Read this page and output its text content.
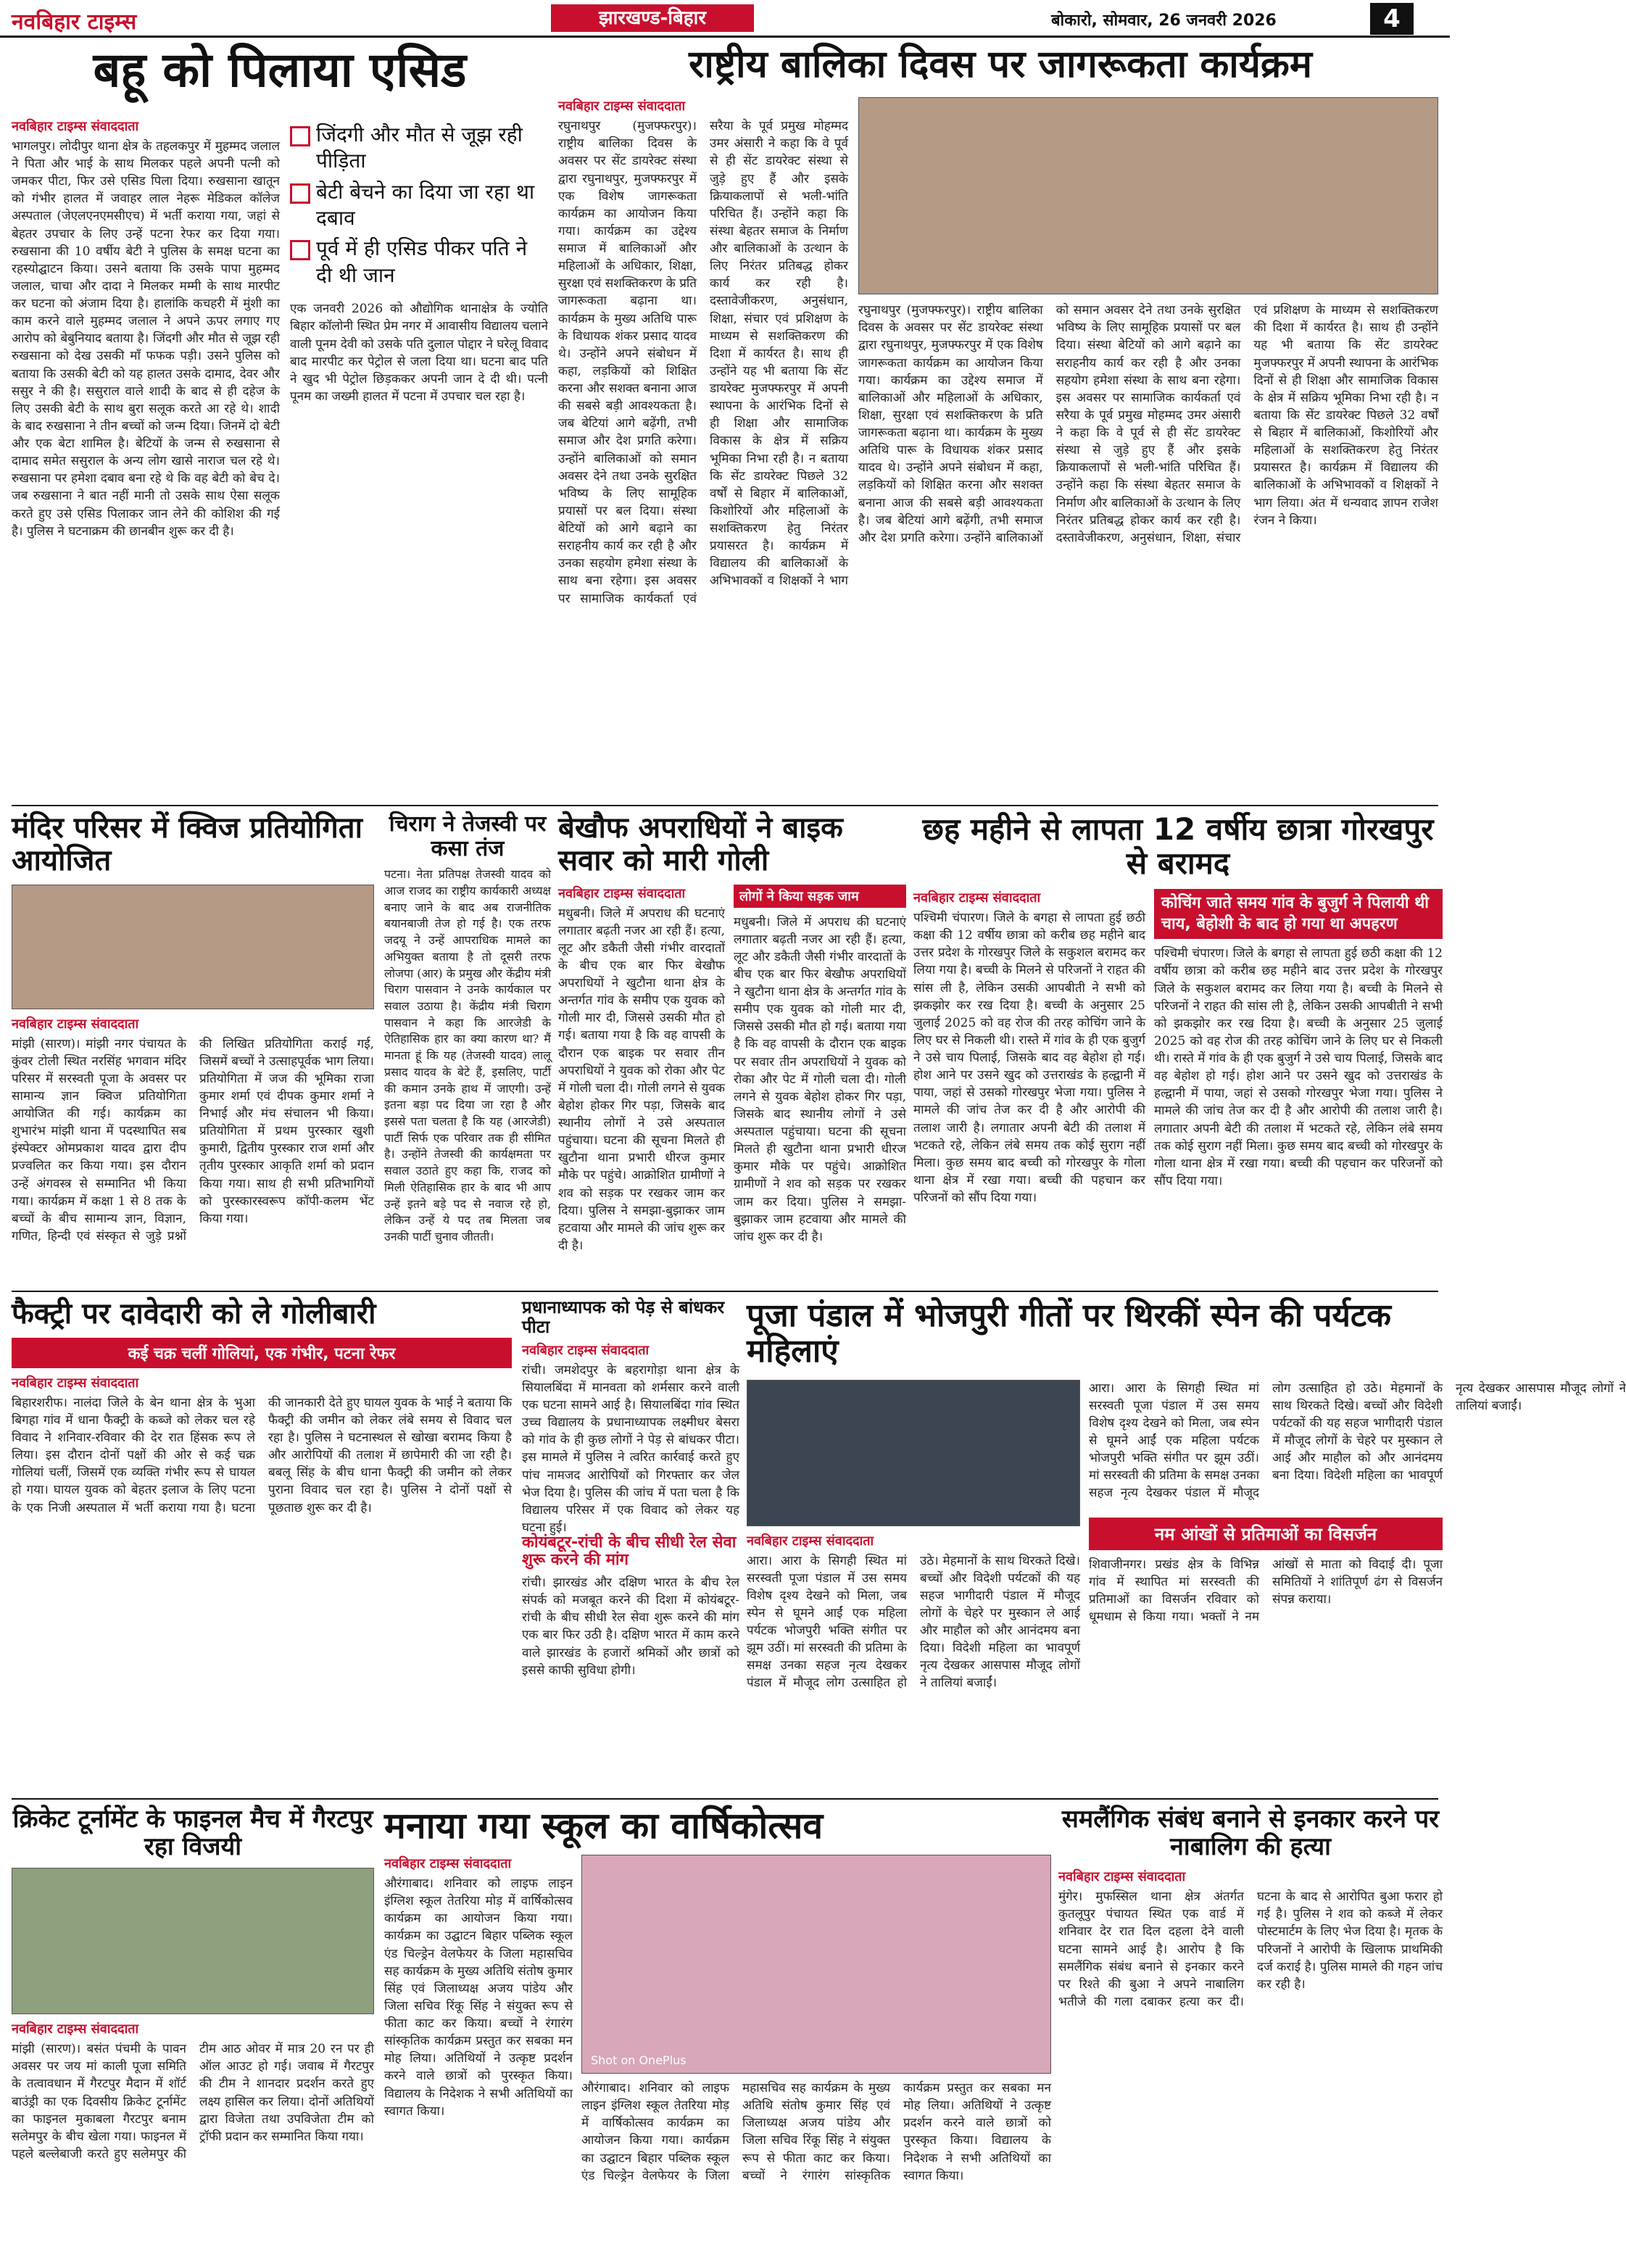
नवबिहार टाइम्स	झारखण्ड-बिहार	बोकारो, सोमवार, 26 जनवरी 2026	4
बहू को पिलाया एसिड
नवबिहार टाइम्स संवाददाता
भागलपुर। लोदीपुर थाना क्षेत्र के तहलकपुर में मुहम्मद जलाल ने पिता और भाई के साथ मिलकर पहले अपनी पत्नी को जमकर पीटा, फिर उसे एसिड पिला दिया। रुखसाना खातून को गंभीर हालत में जवाहर लाल नेहरू मेडिकल कॉलेज अस्पताल (जेएलएनएमसीएच) में भर्ती कराया गया, जहां से बेहतर उपचार के लिए उन्हें पटना रेफर कर दिया गया। रुखसाना की 10 वर्षीय बेटी ने पुलिस के समक्ष घटना का रहस्योद्घाटन किया। उसने बताया कि उसके पापा मुहम्मद जलाल, चाचा और दादा ने मिलकर मम्मी के साथ मारपीट कर घटना को अंजाम दिया है। हालांकि कचहरी में मुंशी का काम करने वाले मुहम्मद जलाल ने अपने ऊपर लगाए गए आरोप को बेबुनियाद बताया है। जिंदगी और मौत से जूझ रही रुखसाना को देख उसकी माँ फफक पड़ी। उसने पुलिस को बताया कि उसकी बेटी को यह हालत उसके दामाद, देवर और ससुर ने की है। ससुराल वाले शादी के बाद से ही दहेज के लिए उसकी बेटी के साथ बुरा सलूक करते आ रहे थे। शादी के बाद रुखसाना ने तीन बच्चों को जन्म दिया। जिनमें दो बेटी और एक बेटा शामिल है। बेटियों के जन्म से रुखसाना से दामाद समेत ससुराल के अन्य लोग खासे नाराज चल रहे थे। रुखसाना पर हमेशा दबाव बना रहे थे कि वह बेटी को बेच दे। जब रुखसाना ने बात नहीं मानी तो उसके साथ ऐसा सलूक करते हुए उसे एसिड पिलाकर जान लेने की कोशिश की गई है। पुलिस ने घटनाक्रम की छानबीन शुरू कर दी है।
जिंदगी और मौत से जूझ रही पीड़िता
बेटी बेचने का दिया जा रहा था दबाव
पूर्व में ही एसिड पीकर पति ने दी थी जान
एक जनवरी 2026 को औद्योगिक थानाक्षेत्र के ज्योति बिहार कॉलोनी स्थित प्रेम नगर में आवासीय विद्यालय चलाने वाली पूनम देवी को उसके पति दुलाल पोद्दार ने घरेलू विवाद बाद मारपीट कर पेट्रोल से जला दिया था। घटना बाद पति ने खुद भी पेट्रोल छिड़ककर अपनी जान दे दी थी। पत्नी पूनम का जख्मी हालत में पटना में उपचार चल रहा है।
राष्ट्रीय बालिका दिवस पर जागरूकता कार्यक्रम
नवबिहार टाइम्स संवाददाता
रघुनाथपुर (मुजफ्फरपुर)। राष्ट्रीय बालिका दिवस के अवसर पर सेंट डायरेक्ट संस्था द्वारा रघुनाथपुर, मुजफ्फरपुर में एक विशेष जागरूकता कार्यक्रम का आयोजन किया गया। कार्यक्रम का उद्देश्य समाज में बालिकाओं और महिलाओं के अधिकार, शिक्षा, सुरक्षा एवं सशक्तिकरण के प्रति जागरूकता बढ़ाना था। कार्यक्रम के मुख्य अतिथि पारू के विधायक शंकर प्रसाद यादव थे। उन्होंने अपने संबोधन में कहा, लड़कियों को शिक्षित करना और सशक्त बनाना आज की सबसे बड़ी आवश्यकता है। जब बेटियां आगे बढ़ेंगी, तभी समाज और देश प्रगति करेगा। उन्होंने बालिकाओं को समान अवसर देने तथा उनके सुरक्षित भविष्य के लिए सामूहिक प्रयासों पर बल दिया। संस्था बेटियों को आगे बढ़ाने का सराहनीय कार्य कर रही है और उनका सहयोग हमेशा संस्था के साथ बना रहेगा। इस अवसर पर सामाजिक कार्यकर्ता एवं सरैया के पूर्व प्रमुख मोहम्मद उमर अंसारी ने कहा कि वे पूर्व से ही सेंट डायरेक्ट संस्था से जुड़े हुए हैं और इसके क्रियाकलापों से भली-भांति परिचित हैं। उन्होंने कहा कि संस्था बेहतर समाज के निर्माण और बालिकाओं के उत्थान के लिए निरंतर प्रतिबद्ध होकर कार्य कर रही है। दस्तावेजीकरण, अनुसंधान, शिक्षा, संचार एवं प्रशिक्षण के माध्यम से सशक्तिकरण की दिशा में कार्यरत है। साथ ही उन्होंने यह भी बताया कि सेंट डायरेक्ट मुजफ्फरपुर में अपनी स्थापना के आरंभिक दिनों से ही शिक्षा और सामाजिक विकास के क्षेत्र में सक्रिय भूमिका निभा रही है। न बताया कि सेंट डायरेक्ट पिछले 32 वर्षों से बिहार में बालिकाओं, किशोरियों और महिलाओं के सशक्तिकरण हेतु निरंतर प्रयासरत है। कार्यक्रम में विद्यालय की बालिकाओं के अभिभावकों व शिक्षकों ने भाग
रघुनाथपुर (मुजफ्फरपुर)। राष्ट्रीय बालिका दिवस के अवसर पर सेंट डायरेक्ट संस्था द्वारा रघुनाथपुर, मुजफ्फरपुर में एक विशेष जागरूकता कार्यक्रम का आयोजन किया गया। कार्यक्रम का उद्देश्य समाज में बालिकाओं और महिलाओं के अधिकार, शिक्षा, सुरक्षा एवं सशक्तिकरण के प्रति जागरूकता बढ़ाना था। कार्यक्रम के मुख्य अतिथि पारू के विधायक शंकर प्रसाद यादव थे। उन्होंने अपने संबोधन में कहा, लड़कियों को शिक्षित करना और सशक्त बनाना आज की सबसे बड़ी आवश्यकता है। जब बेटियां आगे बढ़ेंगी, तभी समाज और देश प्रगति करेगा। उन्होंने बालिकाओं को समान अवसर देने तथा उनके सुरक्षित भविष्य के लिए सामूहिक प्रयासों पर बल दिया। संस्था बेटियों को आगे बढ़ाने का सराहनीय कार्य कर रही है और उनका सहयोग हमेशा संस्था के साथ बना रहेगा। इस अवसर पर सामाजिक कार्यकर्ता एवं सरैया के पूर्व प्रमुख मोहम्मद उमर अंसारी ने कहा कि वे पूर्व से ही सेंट डायरेक्ट संस्था से जुड़े हुए हैं और इसके क्रियाकलापों से भली-भांति परिचित हैं। उन्होंने कहा कि संस्था बेहतर समाज के निर्माण और बालिकाओं के उत्थान के लिए निरंतर प्रतिबद्ध होकर कार्य कर रही है। दस्तावेजीकरण, अनुसंधान, शिक्षा, संचार एवं प्रशिक्षण के माध्यम से सशक्तिकरण की दिशा में कार्यरत है। साथ ही उन्होंने यह भी बताया कि सेंट डायरेक्ट मुजफ्फरपुर में अपनी स्थापना के आरंभिक दिनों से ही शिक्षा और सामाजिक विकास के क्षेत्र में सक्रिय भूमिका निभा रही है। न बताया कि सेंट डायरेक्ट पिछले 32 वर्षों से बिहार में बालिकाओं, किशोरियों और महिलाओं के सशक्तिकरण हेतु निरंतर प्रयासरत है। कार्यक्रम में विद्यालय की बालिकाओं के अभिभावकों व शिक्षकों ने भाग लिया। अंत में धन्यवाद ज्ञापन राजेश रंजन ने किया।
मंदिर परिसर में क्विज प्रतियोगिता आयोजित
नवबिहार टाइम्स संवाददाता
मांझी (सारण)। मांझी नगर पंचायत के कुंवर टोली स्थित नरसिंह भगवान मंदिर परिसर में सरस्वती पूजा के अवसर पर सामान्य ज्ञान क्विज प्रतियोगिता आयोजित की गई। कार्यक्रम का शुभारंभ मांझी थाना में पदस्थापित सब इंस्पेक्टर ओमप्रकाश यादव द्वारा दीप प्रज्वलित कर किया गया। इस दौरान उन्हें अंगवस्त्र से सम्मानित भी किया गया। कार्यक्रम में कक्षा 1 से 8 तक के बच्चों के बीच सामान्य ज्ञान, विज्ञान, गणित, हिन्दी एवं संस्कृत से जुड़े प्रश्नों की लिखित प्रतियोगिता कराई गई, जिसमें बच्चों ने उत्साहपूर्वक भाग लिया। प्रतियोगिता में जज की भूमिका राजा कुमार शर्मा एवं दीपक कुमार शर्मा ने निभाई और मंच संचालन भी किया। प्रतियोगिता में प्रथम पुरस्कार खुशी कुमारी, द्वितीय पुरस्कार राज शर्मा और तृतीय पुरस्कार आकृति शर्मा को प्रदान किया गया। साथ ही सभी प्रतिभागियों को पुरस्कारस्वरूप कॉपी-कलम भेंट किया गया।
चिराग ने तेजस्वी पर कसा तंज
पटना। नेता प्रतिपक्ष तेजस्वी यादव को आज राजद का राष्ट्रीय कार्यकारी अध्यक्ष बनाए जाने के बाद अब राजनीतिक बयानबाजी तेज हो गई है। एक तरफ जदयू ने उन्हें आपराधिक मामले का अभियुक्त बताया है तो दूसरी तरफ लोजपा (आर) के प्रमुख और केंद्रीय मंत्री चिराग पासवान ने उनके कार्यकाल पर सवाल उठाया है। केंद्रीय मंत्री चिराग पासवान ने कहा कि आरजेडी के ऐतिहासिक हार का क्या कारण था? मैं मानता हूं कि यह (तेजस्वी यादव) लालू प्रसाद यादव के बेटे हैं, इसलिए, पार्टी की कमान उनके हाथ में जाएगी। उन्हें इतना बड़ा पद दिया जा रहा है और इससे पता चलता है कि यह (आरजेडी) पार्टी सिर्फ एक परिवार तक ही सीमित है। उन्होंने तेजस्वी की कार्यक्षमता पर सवाल उठाते हुए कहा कि, राजद को मिली ऐतिहासिक हार के बाद भी आप उन्हें इतने बड़े पद से नवाज रहे हो, लेकिन उन्हें ये पद तब मिलता जब उनकी पार्टी चुनाव जीतती।
बेखौफ अपराधियों ने बाइक सवार को मारी गोली
नवबिहार टाइम्स संवाददाता
मधुबनी। जिले में अपराध की घटनाएं लगातार बढ़ती नजर आ रही हैं। हत्या, लूट और डकैती जैसी गंभीर वारदातों के बीच एक बार फिर बेखौफ अपराधियों ने खुटौना थाना क्षेत्र के अन्तर्गत गांव के समीप एक युवक को गोली मार दी, जिससे उसकी मौत हो गई। बताया गया है कि वह वापसी के दौरान एक बाइक पर सवार तीन अपराधियों ने युवक को रोका और पेट में गोली चला दी। गोली लगने से युवक बेहोश होकर गिर पड़ा, जिसके बाद स्थानीय लोगों ने उसे अस्पताल पहुंचाया। घटना की सूचना मिलते ही खुटौना थाना प्रभारी धीरज कुमार मौके पर पहुंचे। आक्रोशित ग्रामीणों ने शव को सड़क पर रखकर जाम कर दिया। पुलिस ने समझा-बुझाकर जाम हटवाया और मामले की जांच शुरू कर दी है।
लोगों ने किया सड़क जाम
मधुबनी। जिले में अपराध की घटनाएं लगातार बढ़ती नजर आ रही हैं। हत्या, लूट और डकैती जैसी गंभीर वारदातों के बीच एक बार फिर बेखौफ अपराधियों ने खुटौना थाना क्षेत्र के अन्तर्गत गांव के समीप एक युवक को गोली मार दी, जिससे उसकी मौत हो गई। बताया गया है कि वह वापसी के दौरान एक बाइक पर सवार तीन अपराधियों ने युवक को रोका और पेट में गोली चला दी। गोली लगने से युवक बेहोश होकर गिर पड़ा, जिसके बाद स्थानीय लोगों ने उसे अस्पताल पहुंचाया। घटना की सूचना मिलते ही खुटौना थाना प्रभारी धीरज कुमार मौके पर पहुंचे। आक्रोशित ग्रामीणों ने शव को सड़क पर रखकर जाम कर दिया। पुलिस ने समझा-बुझाकर जाम हटवाया और मामले की जांच शुरू कर दी है।
छह महीने से लापता 12 वर्षीय छात्रा गोरखपुर से बरामद
नवबिहार टाइम्स संवाददाता
पश्चिमी चंपारण। जिले के बगहा से लापता हुई छठी कक्षा की 12 वर्षीय छात्रा को करीब छह महीने बाद उत्तर प्रदेश के गोरखपुर जिले के सकुशल बरामद कर लिया गया है। बच्ची के मिलने से परिजनों ने राहत की सांस ली है, लेकिन उसकी आपबीती ने सभी को झकझोर कर रख दिया है। बच्ची के अनुसार 25 जुलाई 2025 को वह रोज की तरह कोचिंग जाने के लिए घर से निकली थी। रास्ते में गांव के ही एक बुजुर्ग ने उसे चाय पिलाई, जिसके बाद वह बेहोश हो गई। होश आने पर उसने खुद को उत्तराखंड के हल्द्वानी में पाया, जहां से उसको गोरखपुर भेजा गया। पुलिस ने मामले की जांच तेज कर दी है और आरोपी की तलाश जारी है। लगातार अपनी बेटी की तलाश में भटकते रहे, लेकिन लंबे समय तक कोई सुराग नहीं मिला। कुछ समय बाद बच्ची को गोरखपुर के गोला थाना क्षेत्र में रखा गया। बच्ची की पहचान कर परिजनों को सौंप दिया गया।
कोचिंग जाते समय गांव के बुजुर्ग ने पिलायी थी चाय, बेहोशी के बाद हो गया था अपहरण
पश्चिमी चंपारण। जिले के बगहा से लापता हुई छठी कक्षा की 12 वर्षीय छात्रा को करीब छह महीने बाद उत्तर प्रदेश के गोरखपुर जिले के सकुशल बरामद कर लिया गया है। बच्ची के मिलने से परिजनों ने राहत की सांस ली है, लेकिन उसकी आपबीती ने सभी को झकझोर कर रख दिया है। बच्ची के अनुसार 25 जुलाई 2025 को वह रोज की तरह कोचिंग जाने के लिए घर से निकली थी। रास्ते में गांव के ही एक बुजुर्ग ने उसे चाय पिलाई, जिसके बाद वह बेहोश हो गई। होश आने पर उसने खुद को उत्तराखंड के हल्द्वानी में पाया, जहां से उसको गोरखपुर भेजा गया। पुलिस ने मामले की जांच तेज कर दी है और आरोपी की तलाश जारी है। लगातार अपनी बेटी की तलाश में भटकते रहे, लेकिन लंबे समय तक कोई सुराग नहीं मिला। कुछ समय बाद बच्ची को गोरखपुर के गोला थाना क्षेत्र में रखा गया। बच्ची की पहचान कर परिजनों को सौंप दिया गया।
फैक्ट्री पर दावेदारी को ले गोलीबारी
कई चक्र चलीं गोलियां, एक गंभीर, पटना रेफर
नवबिहार टाइम्स संवाददाता
बिहारशरीफ। नालंदा जिले के बेन थाना क्षेत्र के भुआ बिगहा गांव में धाना फैक्ट्री के कब्जे को लेकर चल रहे विवाद ने शनिवार-रविवार की देर रात हिंसक रूप ले लिया। इस दौरान दोनों पक्षों की ओर से कई चक्र गोलियां चलीं, जिसमें एक व्यक्ति गंभीर रूप से घायल हो गया। घायल युवक को बेहतर इलाज के लिए पटना के एक निजी अस्पताल में भर्ती कराया गया है। घटना की जानकारी देते हुए घायल युवक के भाई ने बताया कि फैक्ट्री की जमीन को लेकर लंबे समय से विवाद चल रहा है। पुलिस ने घटनास्थल से खोखा बरामद किया है और आरोपियों की तलाश में छापेमारी की जा रही है। बबलू सिंह के बीच धाना फैक्ट्री की जमीन को लेकर पुराना विवाद चल रहा है। पुलिस ने दोनों पक्षों से पूछताछ शुरू कर दी है।
प्रधानाध्यापक को पेड़ से बांधकर पीटा
नवबिहार टाइम्स संवाददाता
रांची। जमशेदपुर के बहरागोड़ा थाना क्षेत्र के सियालबिंदा में मानवता को शर्मसार करने वाली एक घटना सामने आई है। सियालबिंदा गांव स्थित उच्च विद्यालय के प्रधानाध्यापक लक्ष्मीधर बेसरा को गांव के ही कुछ लोगों ने पेड़ से बांधकर पीटा। इस मामले में पुलिस ने त्वरित कार्रवाई करते हुए पांच नामजद आरोपियों को गिरफ्तार कर जेल भेज दिया है। पुलिस की जांच में पता चला है कि विद्यालय परिसर में एक विवाद को लेकर यह घटना हुई।
कोयंबटूर-रांची के बीच सीधी रेल सेवा शुरू करने की मांग
रांची। झारखंड और दक्षिण भारत के बीच रेल संपर्क को मजबूत करने की दिशा में कोयंबटूर-रांची के बीच सीधी रेल सेवा शुरू करने की मांग एक बार फिर उठी है। दक्षिण भारत में काम करने वाले झारखंड के हजारों श्रमिकों और छात्रों को इससे काफी सुविधा होगी।
पूजा पंडाल में भोजपुरी गीतों पर थिरकीं स्पेन की पर्यटक महिलाएं
नवबिहार टाइम्स संवाददाता
आरा। आरा के सिगही स्थित मां सरस्वती पूजा पंडाल में उस समय विशेष दृश्य देखने को मिला, जब स्पेन से घूमने आईं एक महिला पर्यटक भोजपुरी भक्ति संगीत पर झूम उठीं। मां सरस्वती की प्रतिमा के समक्ष उनका सहज नृत्य देखकर पंडाल में मौजूद लोग उत्साहित हो उठे। मेहमानों के साथ थिरकते दिखे। बच्चों और विदेशी पर्यटकों की यह सहज भागीदारी पंडाल में मौजूद लोगों के चेहरे पर मुस्कान ले आई और माहौल को और आनंदमय बना दिया। विदेशी महिला का भावपूर्ण नृत्य देखकर आसपास मौजूद लोगों ने तालियां बजाईं।
आरा। आरा के सिगही स्थित मां सरस्वती पूजा पंडाल में उस समय विशेष दृश्य देखने को मिला, जब स्पेन से घूमने आईं एक महिला पर्यटक भोजपुरी भक्ति संगीत पर झूम उठीं। मां सरस्वती की प्रतिमा के समक्ष उनका सहज नृत्य देखकर पंडाल में मौजूद लोग उत्साहित हो उठे। मेहमानों के साथ थिरकते दिखे। बच्चों और विदेशी पर्यटकों की यह सहज भागीदारी पंडाल में मौजूद लोगों के चेहरे पर मुस्कान ले आई और माहौल को और आनंदमय बना दिया। विदेशी महिला का भावपूर्ण नृत्य देखकर आसपास मौजूद लोगों ने तालियां बजाईं।
नम आंखों से प्रतिमाओं का विसर्जन
शिवाजीनगर। प्रखंड क्षेत्र के विभिन्न गांव में स्थापित मां सरस्वती की प्रतिमाओं का विसर्जन रविवार को धूमधाम से किया गया। भक्तों ने नम आंखों से माता को विदाई दी। पूजा समितियों ने शांतिपूर्ण ढंग से विसर्जन संपन्न कराया।
क्रिकेट टूर्नामेंट के फाइनल मैच में गैरटपुर रहा विजयी
नवबिहार टाइम्स संवाददाता
मांझी (सारण)। बसंत पंचमी के पावन अवसर पर जय मां काली पूजा समिति के तत्वावधान में गैरटपुर मैदान में शॉर्ट बाउंड्री का एक दिवसीय क्रिकेट टूर्नामेंट का फाइनल मुकाबला गैरटपुर बनाम सलेमपुर के बीच खेला गया। फाइनल में पहले बल्लेबाजी करते हुए सलेमपुर की टीम आठ ओवर में मात्र 20 रन पर ही ऑल आउट हो गई। जवाब में गैरटपुर की टीम ने शानदार प्रदर्शन करते हुए लक्ष्य हासिल कर लिया। दोनों अतिथियों द्वारा विजेता तथा उपविजेता टीम को ट्रॉफी प्रदान कर सम्मानित किया गया।
मनाया गया स्कूल का वार्षिकोत्सव
नवबिहार टाइम्स संवाददाता
औरंगाबाद। शनिवार को लाइफ लाइन इंग्लिश स्कूल तेतरिया मोड़ में वार्षिकोत्सव कार्यक्रम का आयोजन किया गया। कार्यक्रम का उद्घाटन बिहार पब्लिक स्कूल एंड चिल्ड्रेन वेलफेयर के जिला महासचिव सह कार्यक्रम के मुख्य अतिथि संतोष कुमार सिंह एवं जिलाध्यक्ष अजय पांडेय और जिला सचिव रिंकू सिंह ने संयुक्त रूप से फीता काट कर किया। बच्चों ने रंगारंग सांस्कृतिक कार्यक्रम प्रस्तुत कर सबका मन मोह लिया। अतिथियों ने उत्कृष्ट प्रदर्शन करने वाले छात्रों को पुरस्कृत किया। विद्यालय के निदेशक ने सभी अतिथियों का स्वागत किया।
Shot on OnePlus
औरंगाबाद। शनिवार को लाइफ लाइन इंग्लिश स्कूल तेतरिया मोड़ में वार्षिकोत्सव कार्यक्रम का आयोजन किया गया। कार्यक्रम का उद्घाटन बिहार पब्लिक स्कूल एंड चिल्ड्रेन वेलफेयर के जिला महासचिव सह कार्यक्रम के मुख्य अतिथि संतोष कुमार सिंह एवं जिलाध्यक्ष अजय पांडेय और जिला सचिव रिंकू सिंह ने संयुक्त रूप से फीता काट कर किया। बच्चों ने रंगारंग सांस्कृतिक कार्यक्रम प्रस्तुत कर सबका मन मोह लिया। अतिथियों ने उत्कृष्ट प्रदर्शन करने वाले छात्रों को पुरस्कृत किया। विद्यालय के निदेशक ने सभी अतिथियों का स्वागत किया।
समलैंगिक संबंध बनाने से इनकार करने पर नाबालिग की हत्या
नवबिहार टाइम्स संवाददाता
मुंगेर। मुफस्सिल थाना क्षेत्र अंतर्गत कुतलूपुर पंचायत स्थित एक वार्ड में शनिवार देर रात दिल दहला देने वाली घटना सामने आई है। आरोप है कि समलैंगिक संबंध बनाने से इनकार करने पर रिश्ते की बुआ ने अपने नाबालिग भतीजे की गला दबाकर हत्या कर दी। घटना के बाद से आरोपित बुआ फरार हो गई है। पुलिस ने शव को कब्जे में लेकर पोस्टमार्टम के लिए भेज दिया है। मृतक के परिजनों ने आरोपी के खिलाफ प्राथमिकी दर्ज कराई है। पुलिस मामले की गहन जांच कर रही है।
